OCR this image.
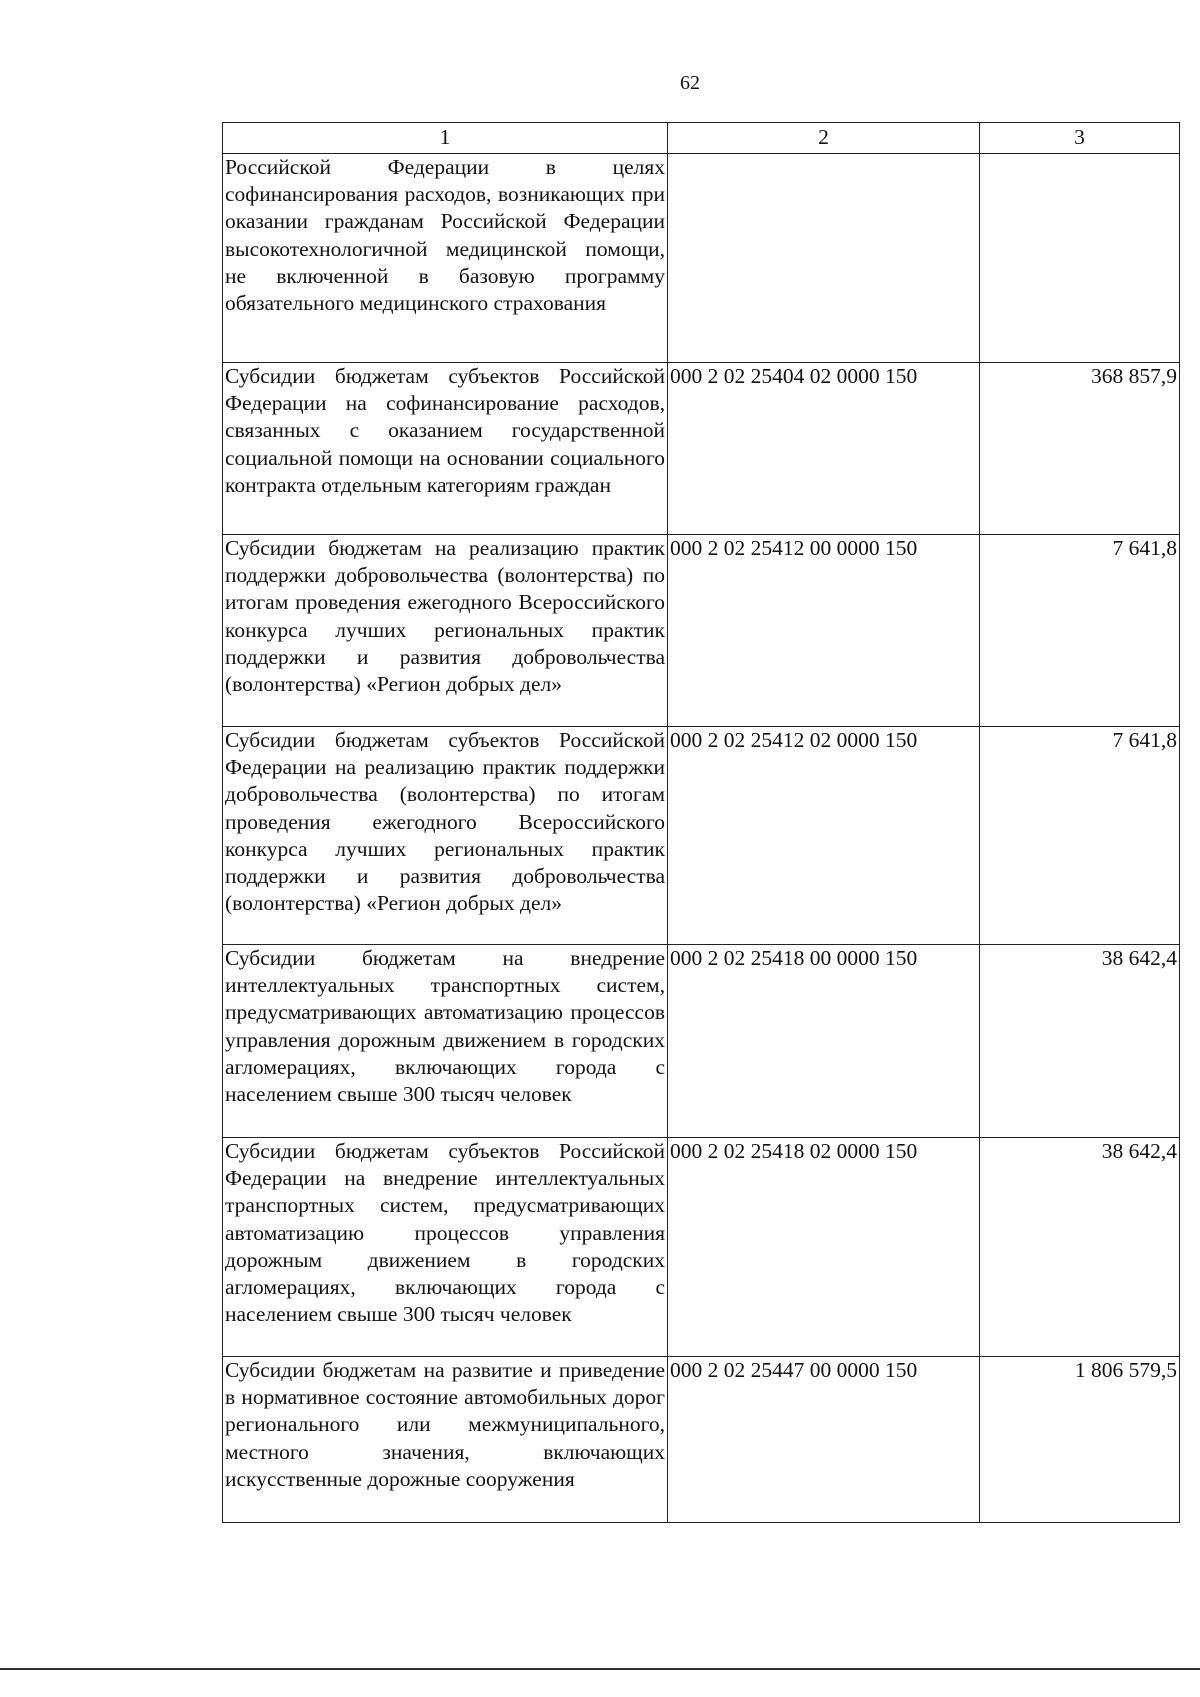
62
1	2	3
Российской Федерации в целях софинансирования расходов, возникающих при оказании гражданам Российской Федерации высокотехнологичной медицинской помощи, не включенной в базовую программу обязательного медицинского страхования		
Субсидии бюджетам субъектов Российской Федерации на софинансирование расходов, связанных с оказанием государственной социальной помощи на основании социального контракта отдельным категориям граждан	000 2 02 25404 02 0000 150	368 857,9
Субсидии бюджетам на реализацию практик поддержки добровольчества (волонтерства) по итогам проведения ежегодного Всероссийского конкурса лучших региональных практик поддержки и развития добровольчества (волонтерства) «Регион добрых дел»	000 2 02 25412 00 0000 150	7 641,8
Субсидии бюджетам субъектов Российской Федерации на реализацию практик поддержки добровольчества (волонтерства) по итогам проведения ежегодного Всероссийского конкурса лучших региональных практик поддержки и развития добровольчества (волонтерства) «Регион добрых дел»	000 2 02 25412 02 0000 150	7 641,8
Субсидии бюджетам на внедрение интеллектуальных транспортных систем, предусматривающих автоматизацию процессов управления дорожным движением в городских агломерациях, включающих города с населением свыше 300 тысяч человек	000 2 02 25418 00 0000 150	38 642,4
Субсидии бюджетам субъектов Российской Федерации на внедрение интеллектуальных транспортных систем, предусматривающих автоматизацию процессов управления дорожным движением в городских агломерациях, включающих города с населением свыше 300 тысяч человек	000 2 02 25418 02 0000 150	38 642,4
Субсидии бюджетам на развитие и приведение в нормативное состояние автомобильных дорог регионального или межмуниципального, местного значения, включающих искусственные дорожные сооружения	000 2 02 25447 00 0000 150	1 806 579,5
